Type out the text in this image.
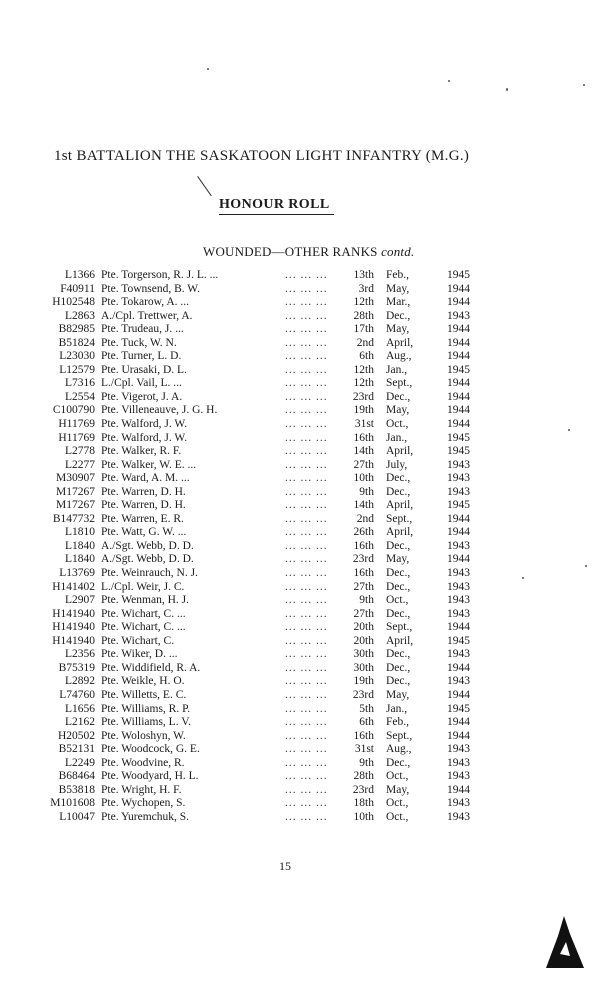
1st BATTALION THE SASKATOON LIGHT INFANTRY (M.G.)
HONOUR ROLL
WOUNDED—OTHER RANKS contd.
L1366 Pte. Torgerson, R. J. L. ...	... ... ... 13th Feb.,	1945
F40911 Pte. Townsend, B. W.	... ... ...	3rd May,	1944
H102548 Pte. Tokarow, A. ...	... ... ... 12th Mar.,	1944
L2863 A./Cpl. Trettwer, A.	... ... ... 28th Dec.,	1943
B82985 Pte. Trudeau, J. ...	... ... ... 17th May,	1944
B51824 Pte. Tuck, W. N.	... ... ...	2nd April,	1944
L23030 Pte. Turner, L. D.	... ... ...	6th Aug.,	1944
L12579 Pte. Urasaki, D. L.	... ... ... 12th Jan.,	1945
L7316 L./Cpl. Vail, L. ...	... ... ... 12th Sept.,	1944
L2554 Pte. Vigerot, J. A.	... ... ... 23rd Dec.,	1944
C100790 Pte. Villeneauve, J. G. H.	... ... ... 19th May,	1944
H11769 Pte. Walford, J. W.	... ... ... 31st Oct.,	1944
H11769 Pte. Walford, J. W.	... ... ... 16th Jan.,	1945
L2778 Pte. Walker, R. F.	... ... ... 14th April,	1945
L2277 Pte. Walker, W. E. ...	... ... ... 27th July,	1943
M30907 Pte. Ward, A. M. ...	... ... ... 10th Dec.,	1943
M17267 Pte. Warren, D. H.	... ... ...	9th Dec.,	1943
M17267 Pte. Warren, D. H.	... ... ... 14th April,	1945
B147732 Pte. Warren, E. R.	... ... ...	2nd Sept.,	1944
L1810 Pte. Watt, G. W. ...	... ... ... 26th April,	1944
L1840 A./Sgt. Webb, D. D.	... ... ... 16th Dec.,	1943
L1840 A./Sgt. Webb, D. D.	... ... ... 23rd May,	1944
L13769 Pte. Weinrauch, N. J.	... ... ... 16th Dec.,	1943
H141402 L./Cpl. Weir, J. C.	... ... ... 27th Dec.,	1943
L2907 Pte. Wenman, H. J.	... ... ...	9th Oct.,	1943
H141940 Pte. Wichart, C. ...	... ... ... 27th Dec.,	1943
H141940 Pte. Wichart, C. ...	... ... ... 20th Sept.,	1944
H141940 Pte. Wichart, C.	... ... ... 20th April,	1945
L2356 Pte. Wiker, D. ...	... ... ... 30th Dec.,	1943
B75319 Pte. Widdifield, R. A.	... ... ... 30th Dec.,	1944
L2892 Pte. Weikle, H. O.	... ... ... 19th Dec.,	1943
L74760 Pte. Willetts, E. C.	... ... ... 23rd May,	1944
L1656 Pte. Williams, R. P.	... ... ...	5th Jan.,	1945
L2162 Pte. Williams, L. V.	... ... ...	6th Feb.,	1944
H20502 Pte. Woloshyn, W.	... ... ... 16th Sept.,	1944
B52131 Pte. Woodcock, G. E.	... ... ... 31st Aug.,	1943
L2249 Pte. Woodvine, R.	... ... ...	9th Dec.,	1943
B68464 Pte. Woodyard, H. L.	... ... ... 28th Oct.,	1943
B53818 Pte. Wright, H. F.	... ... ... 23rd May,	1944
M101608 Pte. Wychopen, S.	... ... ... 18th Oct.,	1943
L10047 Pte. Yuremchuk, S.	... ... ... 10th Oct.,	1943
15
